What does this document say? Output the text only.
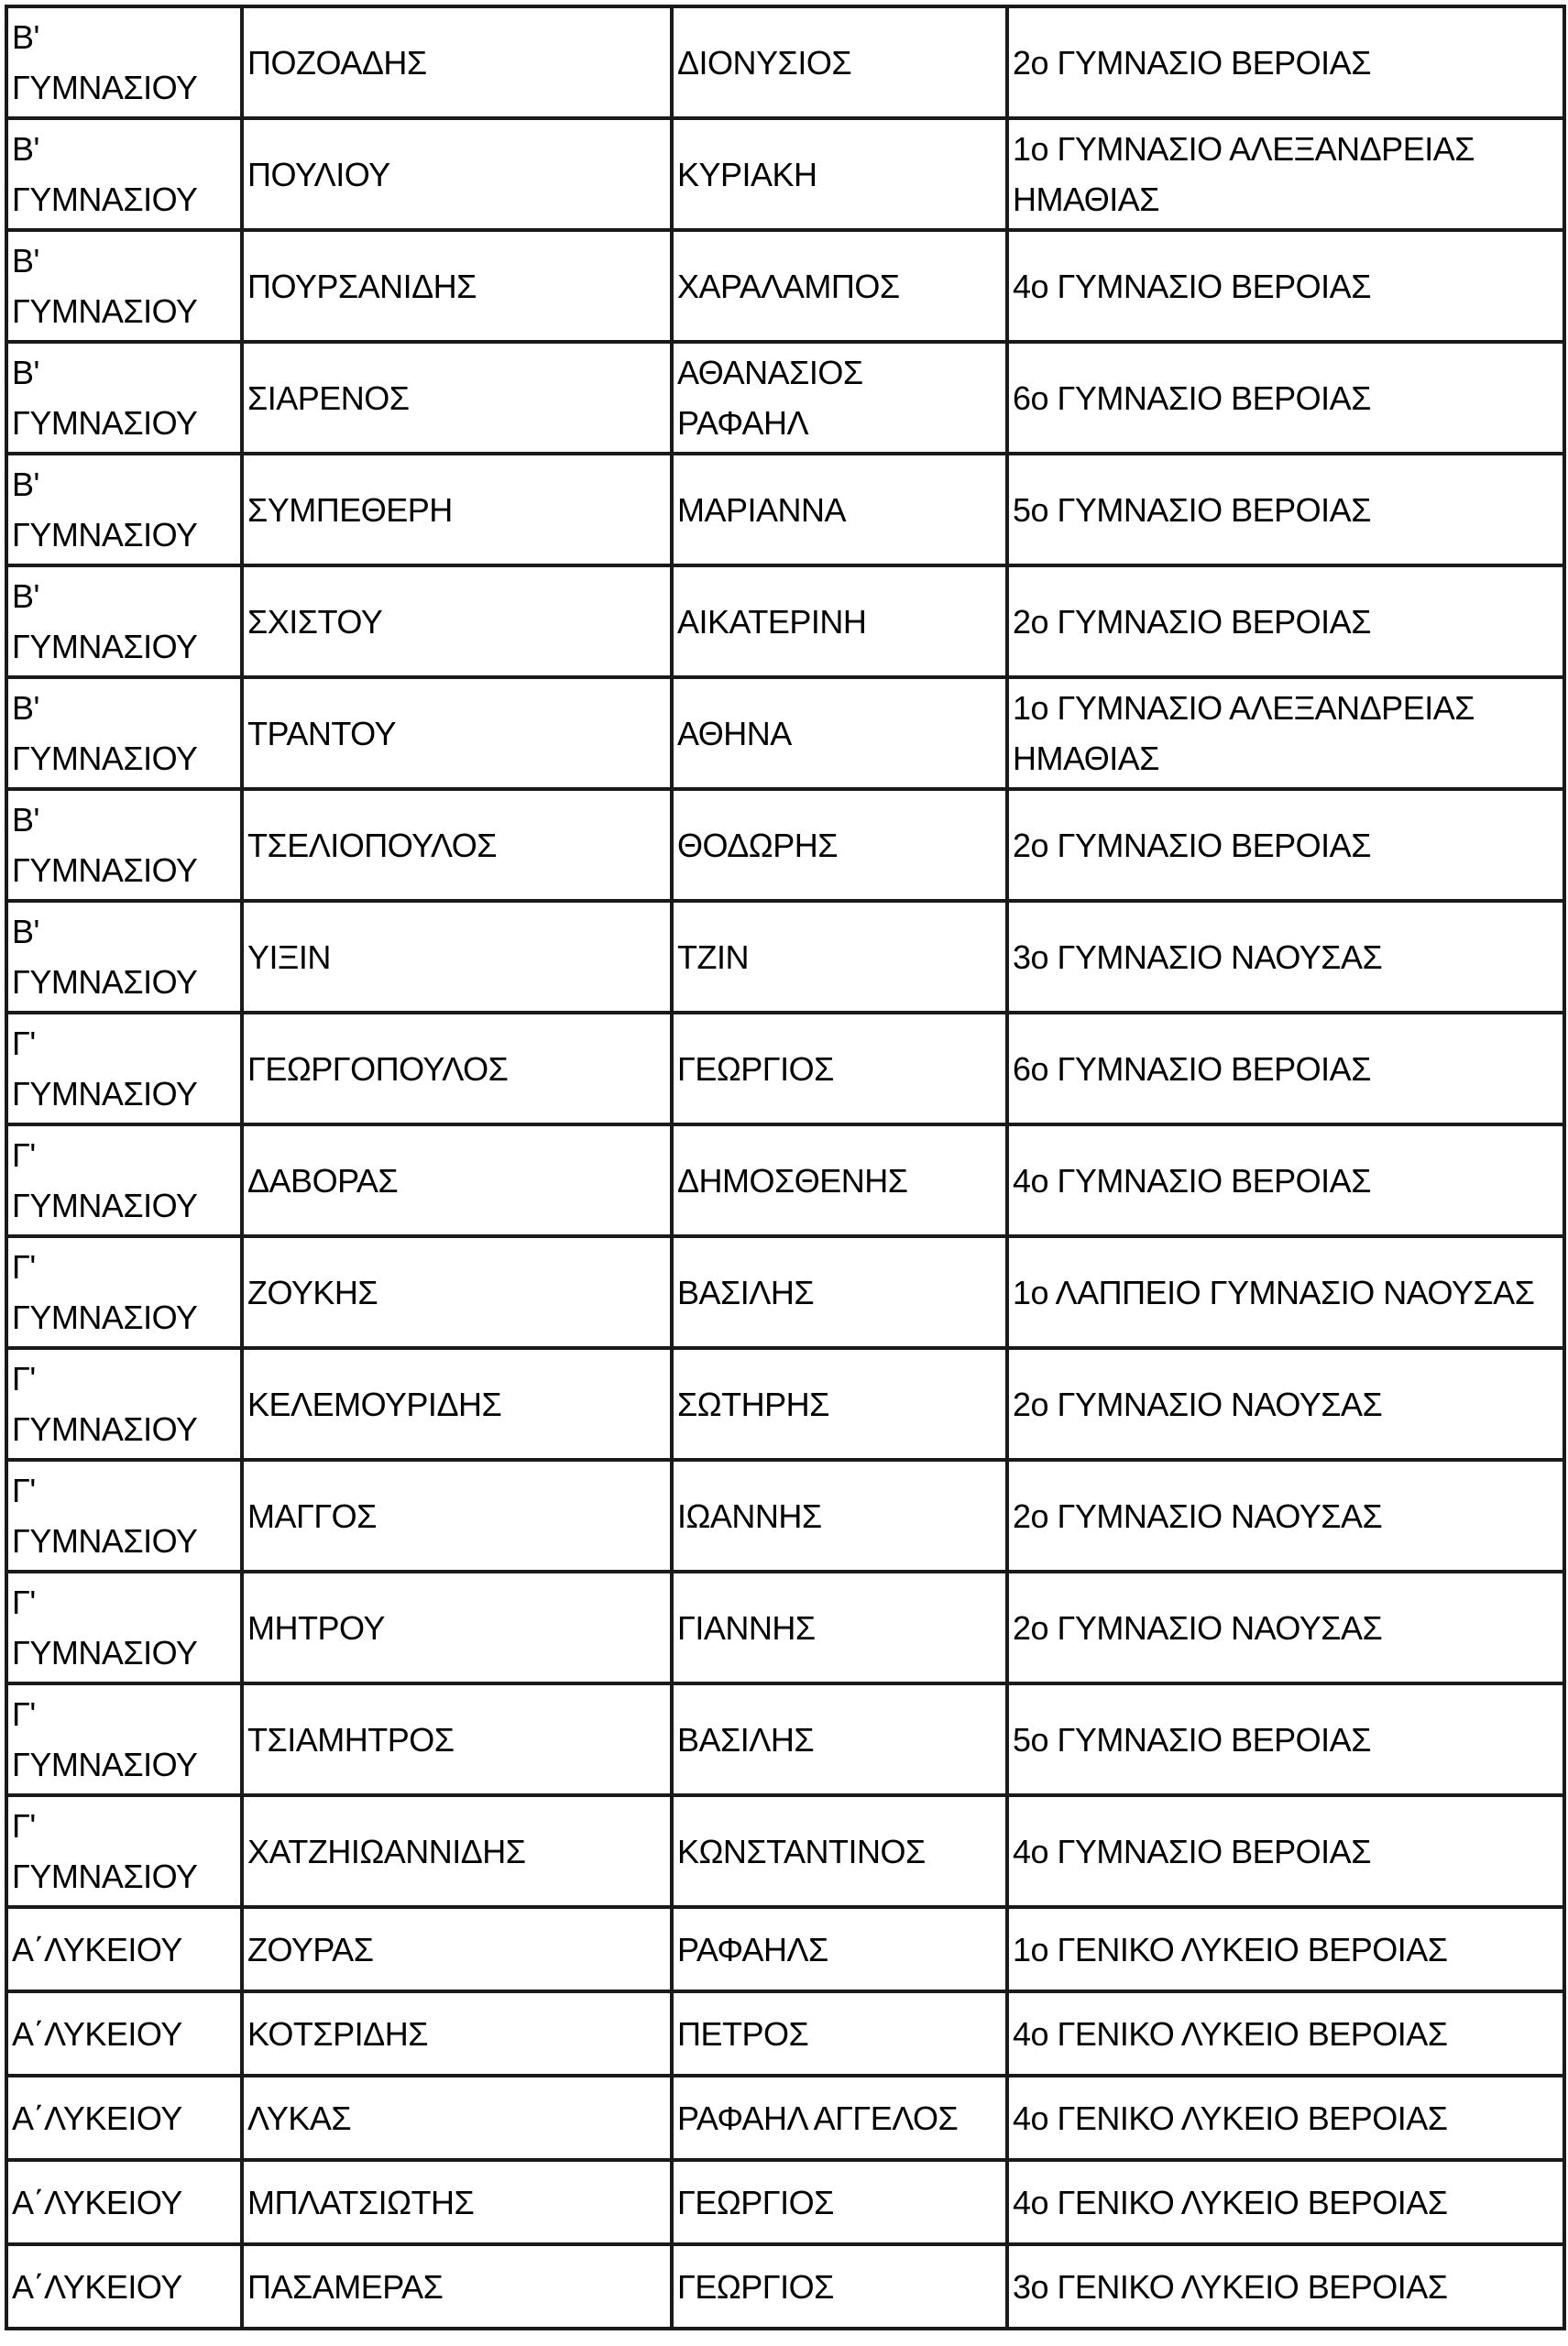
Β'
ΓΥΜΝΑΣΙΟΥ	ΠΟΖΟΑΔΗΣ	ΔΙΟΝΥΣΙΟΣ	2ο ΓΥΜΝΑΣΙΟ ΒΕΡΟΙΑΣ

Β'
ΓΥΜΝΑΣΙΟΥ	ΠΟΥΛΙΟΥ	ΚΥΡΙΑΚΗ	1ο ΓΥΜΝΑΣΙΟ ΑΛΕΞΑΝΔΡΕΙΑΣ ΗΜΑΘΙΑΣ

Β'
ΓΥΜΝΑΣΙΟΥ	ΠΟΥΡΣΑΝΙΔΗΣ	ΧΑΡΑΛΑΜΠΟΣ	4ο ΓΥΜΝΑΣΙΟ ΒΕΡΟΙΑΣ

Β'
ΓΥΜΝΑΣΙΟΥ	ΣΙΑΡΕΝΟΣ	ΑΘΑΝΑΣΙΟΣ ΡΑΦΑΗΛ	6ο ΓΥΜΝΑΣΙΟ ΒΕΡΟΙΑΣ

Β'
ΓΥΜΝΑΣΙΟΥ	ΣΥΜΠΕΘΕΡΗ	ΜΑΡΙΑΝΝΑ	5ο ΓΥΜΝΑΣΙΟ ΒΕΡΟΙΑΣ

Β'
ΓΥΜΝΑΣΙΟΥ	ΣΧΙΣΤΟΥ	ΑΙΚΑΤΕΡΙΝΗ	2ο ΓΥΜΝΑΣΙΟ ΒΕΡΟΙΑΣ

Β'
ΓΥΜΝΑΣΙΟΥ	ΤΡΑΝΤΟΥ	ΑΘΗΝΑ	1ο ΓΥΜΝΑΣΙΟ ΑΛΕΞΑΝΔΡΕΙΑΣ ΗΜΑΘΙΑΣ

Β'
ΓΥΜΝΑΣΙΟΥ	ΤΣΕΛΙΟΠΟΥΛΟΣ	ΘΟΔΩΡΗΣ	2ο ΓΥΜΝΑΣΙΟ ΒΕΡΟΙΑΣ

Β'
ΓΥΜΝΑΣΙΟΥ	ΥΙΞΙΝ	ΤΖΙΝ	3ο ΓΥΜΝΑΣΙΟ ΝΑΟΥΣΑΣ

Γ'
ΓΥΜΝΑΣΙΟΥ	ΓΕΩΡΓΟΠΟΥΛΟΣ	ΓΕΩΡΓΙΟΣ	6ο ΓΥΜΝΑΣΙΟ ΒΕΡΟΙΑΣ

Γ'
ΓΥΜΝΑΣΙΟΥ	ΔΑΒΟΡΑΣ	ΔΗΜΟΣΘΕΝΗΣ	4ο ΓΥΜΝΑΣΙΟ ΒΕΡΟΙΑΣ

Γ'
ΓΥΜΝΑΣΙΟΥ	ΖΟΥΚΗΣ	ΒΑΣΙΛΗΣ	1ο ΛΑΠΠΕΙΟ ΓΥΜΝΑΣΙΟ ΝΑΟΥΣΑΣ

Γ'
ΓΥΜΝΑΣΙΟΥ	ΚΕΛΕΜΟΥΡΙΔΗΣ	ΣΩΤΗΡΗΣ	2ο ΓΥΜΝΑΣΙΟ ΝΑΟΥΣΑΣ

Γ'
ΓΥΜΝΑΣΙΟΥ	ΜΑΓΓΟΣ	ΙΩΑΝΝΗΣ	2ο ΓΥΜΝΑΣΙΟ ΝΑΟΥΣΑΣ

Γ'
ΓΥΜΝΑΣΙΟΥ	ΜΗΤΡΟΥ	ΓΙΑΝΝΗΣ	2ο ΓΥΜΝΑΣΙΟ ΝΑΟΥΣΑΣ

Γ'
ΓΥΜΝΑΣΙΟΥ	ΤΣΙΑΜΗΤΡΟΣ	ΒΑΣΙΛΗΣ	5ο ΓΥΜΝΑΣΙΟ ΒΕΡΟΙΑΣ

Γ'
ΓΥΜΝΑΣΙΟΥ	ΧΑΤΖΗΙΩΑΝΝΙΔΗΣ	ΚΩΝΣΤΑΝΤΙΝΟΣ	4ο ΓΥΜΝΑΣΙΟ ΒΕΡΟΙΑΣ

Α΄ΛΥΚΕΙΟΥ	ΖΟΥΡΑΣ	ΡΑΦΑΗΛΣ	1ο ΓΕΝΙΚΟ ΛΥΚΕΙΟ ΒΕΡΟΙΑΣ

Α΄ΛΥΚΕΙΟΥ	ΚΟΤΣΡΙΔΗΣ	ΠΕΤΡΟΣ	4ο ΓΕΝΙΚΟ ΛΥΚΕΙΟ ΒΕΡΟΙΑΣ

Α΄ΛΥΚΕΙΟΥ	ΛΥΚΑΣ	ΡΑΦΑΗΛ ΑΓΓΕΛΟΣ	4ο ΓΕΝΙΚΟ ΛΥΚΕΙΟ ΒΕΡΟΙΑΣ

Α΄ΛΥΚΕΙΟΥ	ΜΠΛΑΤΣΙΩΤΗΣ	ΓΕΩΡΓΙΟΣ	4ο ΓΕΝΙΚΟ ΛΥΚΕΙΟ ΒΕΡΟΙΑΣ

Α΄ΛΥΚΕΙΟΥ	ΠΑΣΑΜΕΡΑΣ	ΓΕΩΡΓΙΟΣ	3ο ΓΕΝΙΚΟ ΛΥΚΕΙΟ ΒΕΡΟΙΑΣ
